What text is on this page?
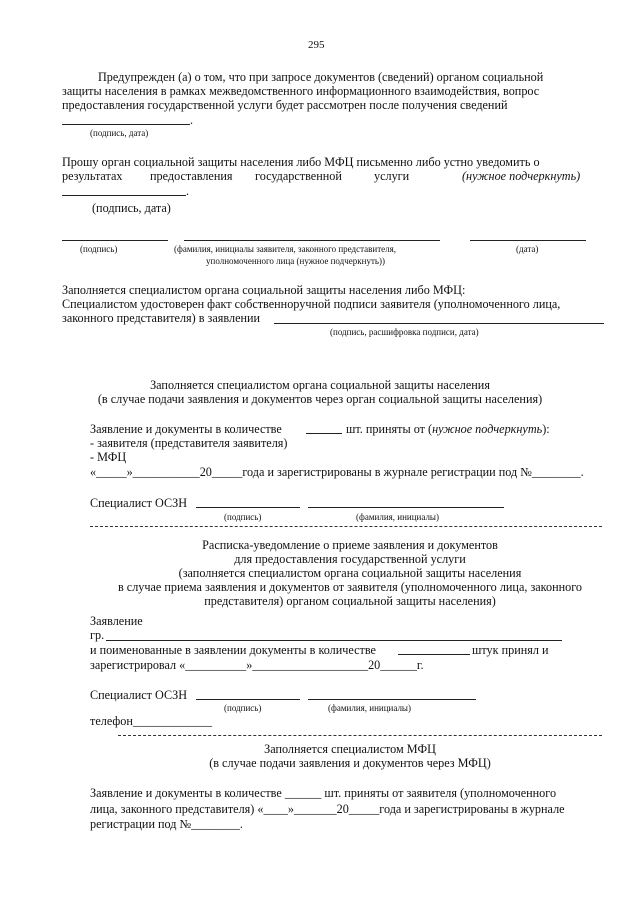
295
Предупрежден (а) о том, что при запросе документов (сведений) органом социальной
защиты населения в рамках межведомственного информационного взаимодействия, вопрос
предоставления государственной услуги будет рассмотрен после получения сведений
.
(подпись, дата)
Прошу орган социальной защиты населения либо МФЦ письменно либо устно уведомить о
результатах предоставления государственной	услуги	(нужное подчеркнуть)
.
(подпись, дата)
(подпись)	(фамилия, инициалы заявителя, законного представителя,
уполномоченного лица (нужное подчеркнуть))
(дата)
Заполняется специалистом органа социальной защиты населения либо МФЦ:
Специалистом удостоверен факт собственноручной подписи заявителя (уполномоченного лица,
законного представителя) в заявлении
(подпись, расшифровка подписи, дата)
Заполняется специалистом органа социальной защиты населения
(в случае подачи заявления и документов через орган социальной защиты населения)
Заявление и документы в количестве	шт. приняты от (нужное подчеркнуть):
- заявителя (представителя заявителя)
- МФЦ
«_____»___________20_____года и зарегистрированы в журнале регистрации под №________.
Специалист ОСЗН
(подпись)	(фамилия, инициалы)
Расписка-уведомление о приеме заявления и документов
для предоставления государственной услуги
(заполняется специалистом органа социальной защиты населения
в случае приема заявления и документов от заявителя (уполномоченного лица, законного
представителя) органом социальной защиты населения)
Заявление
гр.
и поименованные в заявлении документы в количестве	штук принял и
зарегистрировал «__________»___________________20______г.
Специалист ОСЗН
(подпись)	(фамилия, инициалы)
телефон_____________
Заполняется специалистом МФЦ
(в случае подачи заявления и документов через МФЦ)
Заявление и документы в количестве ______ шт. приняты от заявителя (уполномоченного
лица, законного представителя) «____»_______20_____года и зарегистрированы в журнале
регистрации под №________.
